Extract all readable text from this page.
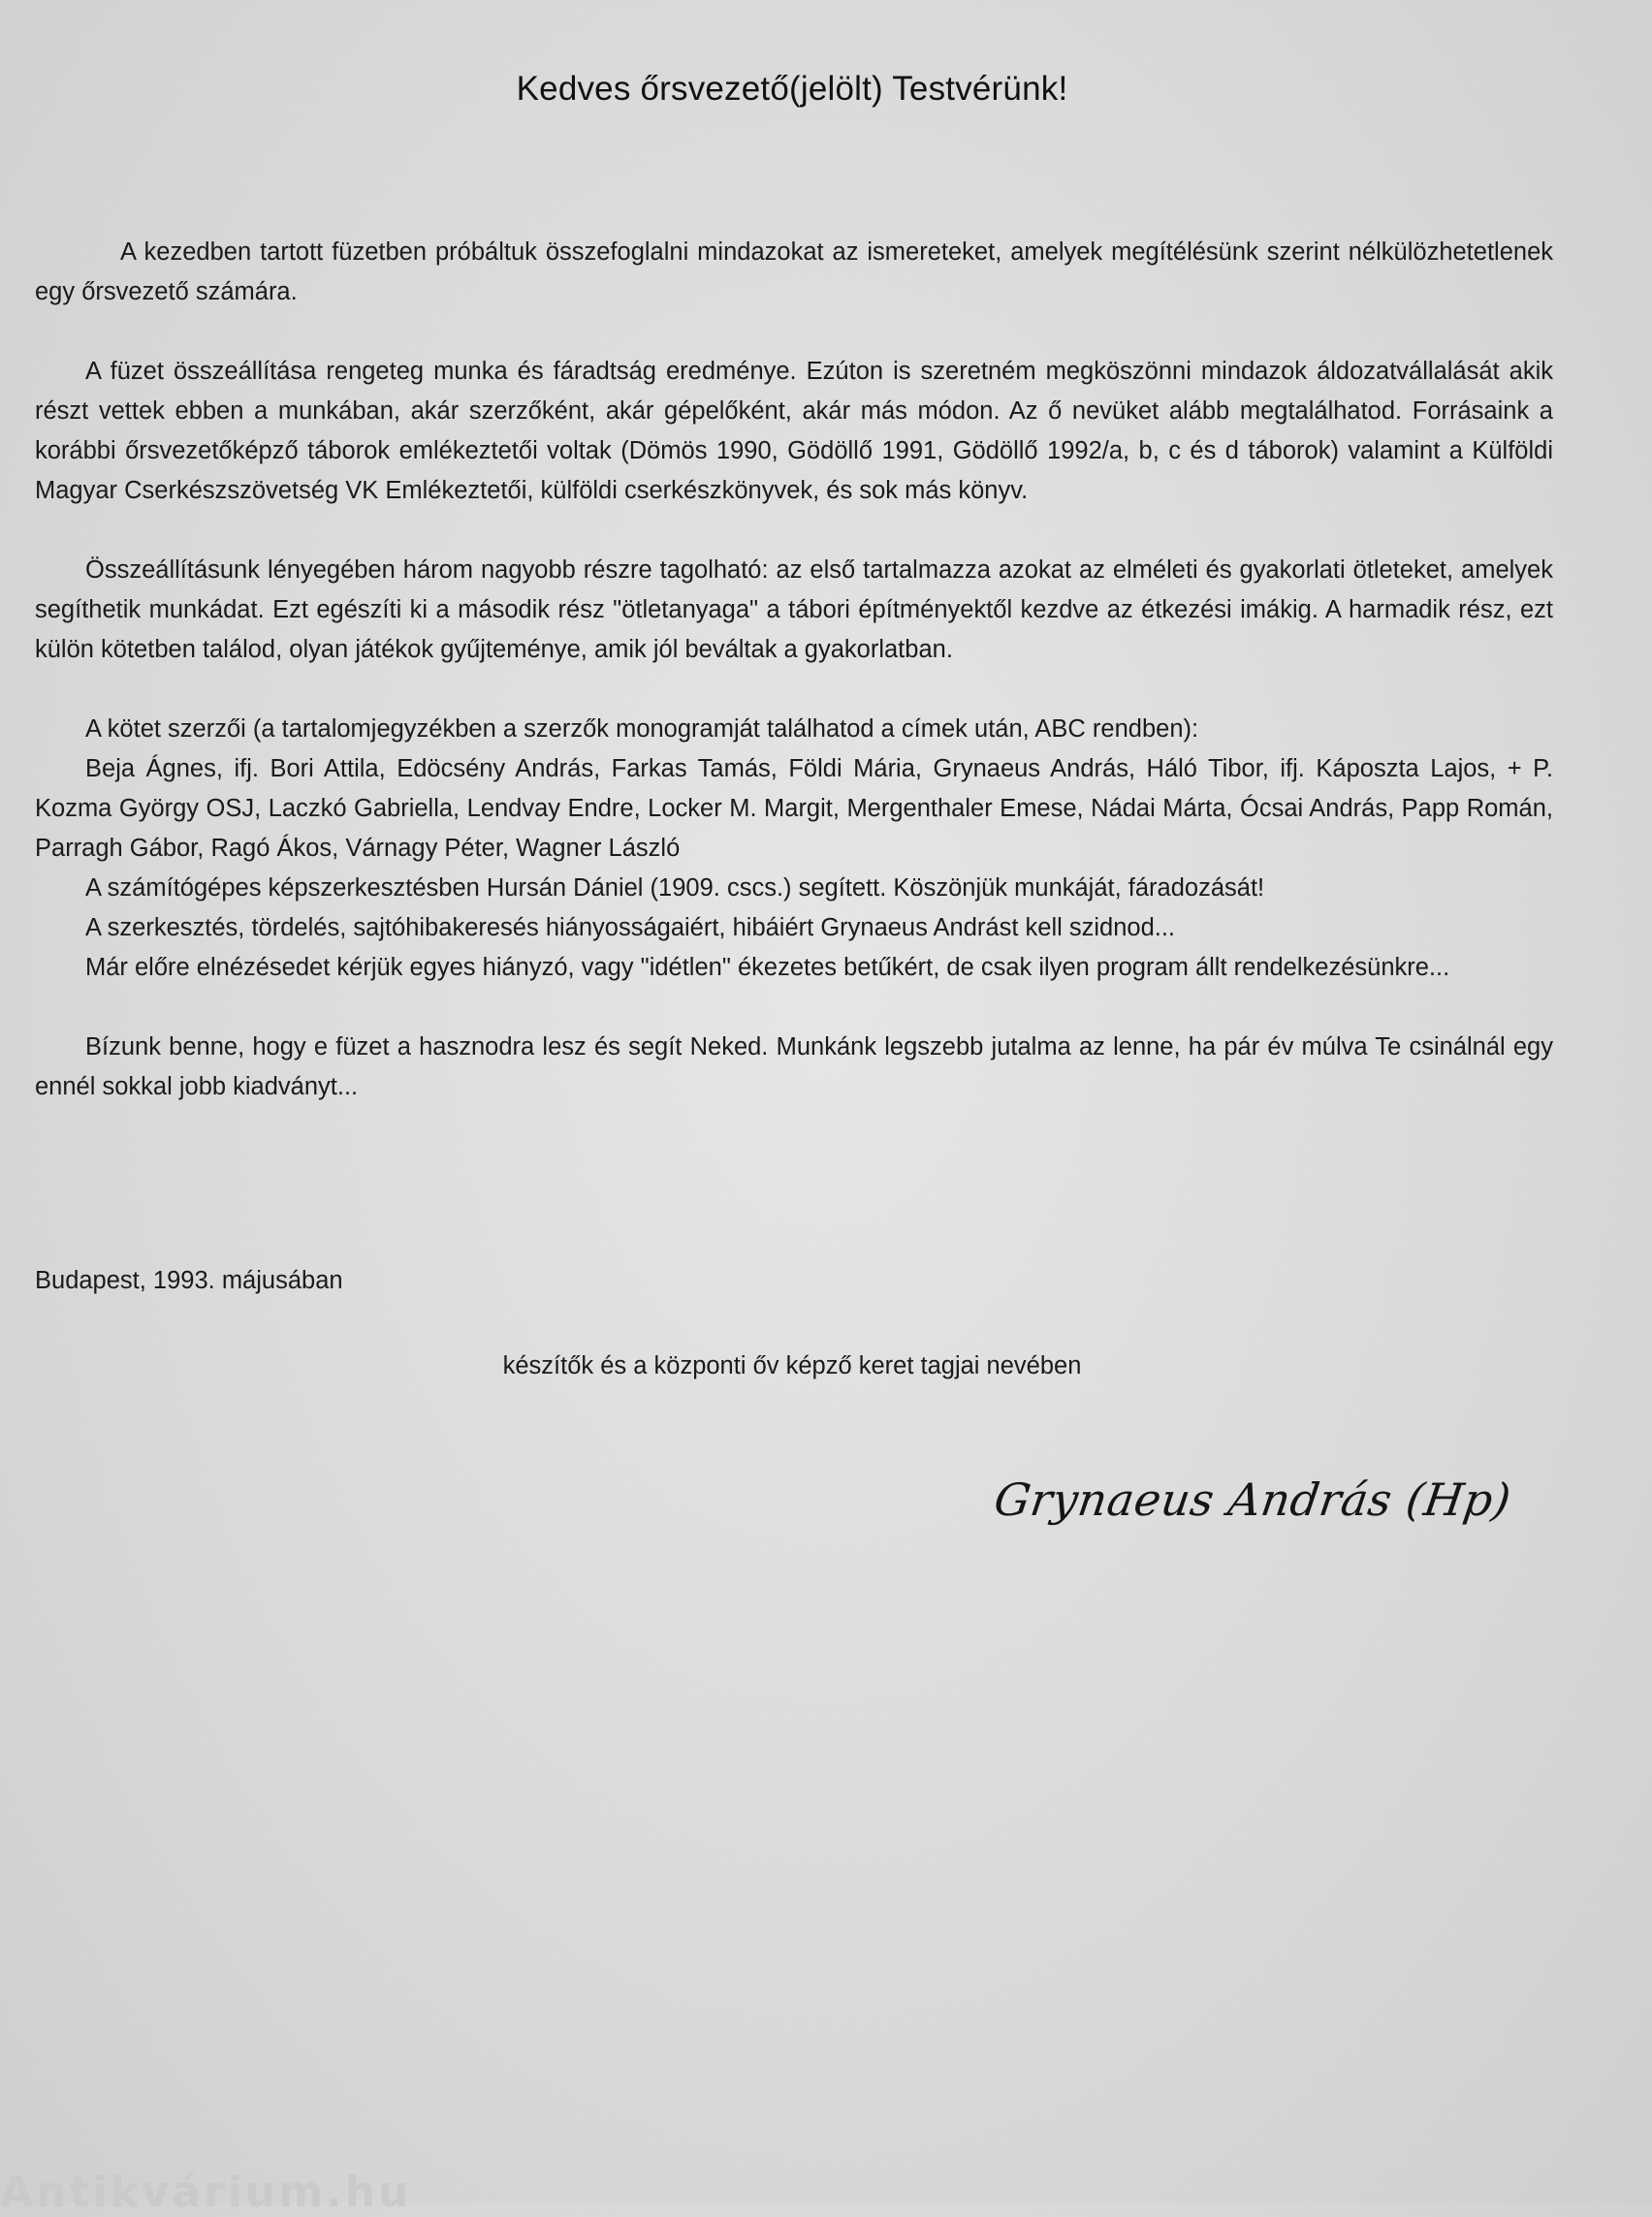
Kedves őrsvezető(jelölt) Testvérünk!

A kezedben tartott füzetben próbáltuk összefoglalni mindazokat az ismereteket, amelyek megítélésünk szerint nélkülözhetetlenek egy őrsvezető számára.

A füzet összeállítása rengeteg munka és fáradtság eredménye. Ezúton is szeretném megköszönni mindazok áldozatvállalását akik részt vettek ebben a munkában, akár szerzőként, akár gépelőként, akár más módon. Az ő nevüket alább megtalálhatod. Forrásaink a korábbi őrsvezetőképző táborok emlékeztetői voltak (Dömös 1990, Gödöllő 1991, Gödöllő 1992/a, b, c és d táborok) valamint a Külföldi Magyar Cserkészszövetség VK Emlékeztetői, külföldi cserkészkönyvek, és sok más könyv.

Összeállításunk lényegében három nagyobb részre tagolható: az első tartalmazza azokat az elméleti és gyakorlati ötleteket, amelyek segíthetik munkádat. Ezt egészíti ki a második rész "ötletanyaga" a tábori építményektől kezdve az étkezési imákig. A harmadik rész, ezt külön kötetben találod, olyan játékok gyűjteménye, amik jól beváltak a gyakorlatban.

A kötet szerzői (a tartalomjegyzékben a szerzők monogramját találhatod a címek után, ABC rendben):

Beja Ágnes, ifj. Bori Attila, Edöcsény András, Farkas Tamás, Földi Mária, Grynaeus András, Háló Tibor, ifj. Káposzta Lajos, + P. Kozma György OSJ, Laczkó Gabriella, Lendvay Endre, Locker M. Margit, Mergenthaler Emese, Nádai Márta, Ócsai András, Papp Román, Parragh Gábor, Ragó Ákos, Várnagy Péter, Wagner László

A számítógépes képszerkesztésben Hursán Dániel (1909. cscs.) segített. Köszönjük munkáját, fáradozását!

A szerkesztés, tördelés, sajtóhibakeresés hiányosságaiért, hibáiért Grynaeus Andrást kell szidnod...

Már előre elnézésedet kérjük egyes hiányzó, vagy "idétlen" ékezetes betűkért, de csak ilyen program állt rendelkezésünkre...

Bízunk benne, hogy e füzet a hasznodra lesz és segít Neked. Munkánk legszebb jutalma az lenne, ha pár év múlva Te csinálnál egy ennél sokkal jobb kiadványt...

Budapest, 1993. májusában
készítők és a központi őv képző keret tagjai nevében
Grynaeus András (Hp)
Antikvárium.hu
